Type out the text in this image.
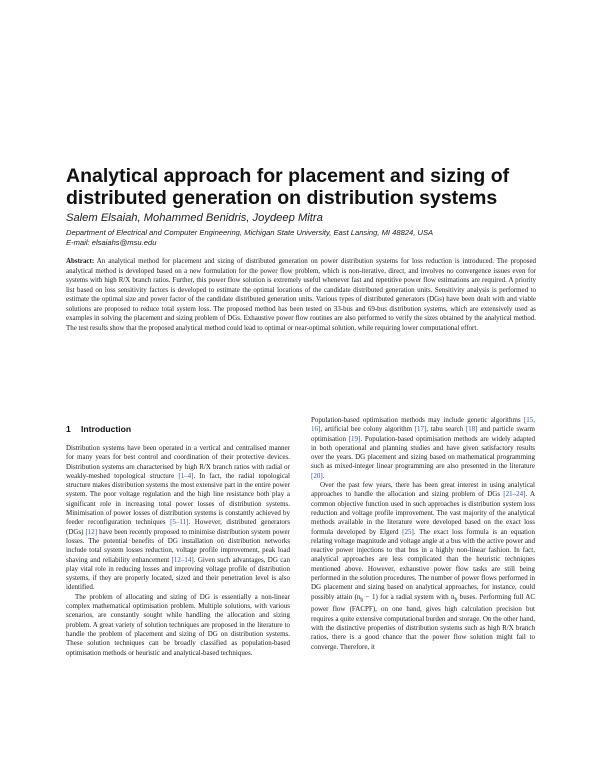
Analytical approach for placement and sizing of distributed generation on distribution systems
Salem Elsaiah, Mohammed Benidris, Joydeep Mitra
Department of Electrical and Computer Engineering, Michigan State University, East Lansing, MI 48824, USA
E-mail: elsaiahs@msu.edu

Abstract: An analytical method for placement and sizing of distributed generation on power distribution systems for loss reduction is introduced. The proposed analytical method is developed based on a new formulation for the power flow problem, which is non-iterative, direct, and involves no convergence issues even for systems with high R/X branch ratios. Further, this power flow solution is extremely useful whenever fast and repetitive power flow estimations are required. A priority list based on loss sensitivity factors is developed to estimate the optimal locations of the candidate distributed generation units. Sensitivity analysis is performed to estimate the optimal size and power factor of the candidate distributed generation units. Various types of distributed generators (DGs) have been dealt with and viable solutions are proposed to reduce total system loss. The proposed method has been tested on 33-bus and 69-bus distribution systems, which are extensively used as examples in solving the placement and sizing problem of DGs. Exhaustive power flow routines are also performed to verify the sizes obtained by the analytical method. The test results show that the proposed analytical method could lead to optimal or near-optimal solution, while requiring lower computational effort.

1 Introduction

Distribution systems have been operated in a vertical and centralised manner for many years for best control and coordination of their protective devices. Distribution systems are characterised by high R/X branch ratios with radial or weakly-meshed topological structure [1–4]. In fact, the radial topological structure makes distribution systems the most extensive part in the entire power system. The poor voltage regulation and the high line resistance both play a significant role in increasing total power losses of distribution systems. Minimisation of power losses of distribution systems is constantly achieved by feeder reconfiguration techniques [5–11]. However, distributed generators (DGs) [12] have been recently proposed to minimise distribution system power losses. The potential benefits of DG installation on distribution networks include total system losses reduction, voltage profile improvement, peak load shaving and reliability enhancement [12–14]. Given such advantages, DG can play vital role in reducing losses and improving voltage profile of distribution systems, if they are properly located, sized and their penetration level is also identified.

The problem of allocating and sizing of DG is essentially a non-linear complex mathematical optimisation problem. Multiple solutions, with various scenarios, are constantly sought while handling the allocation and sizing problem. A great variety of solution techniques are proposed in the literature to handle the problem of placement and sizing of DG on distribution systems. These solution techniques can be broadly classified as population-based optimisation methods or heuristic and analytical-based techniques.

Population-based optimisation methods may include genetic algorithms [15, 16], artificial bee colony algorithm [17], tabu search [18] and particle swarm optimisation [19]. Population-based optimisation methods are widely adapted in both operational and planning studies and have given satisfactory results over the years. DG placement and sizing based on mathematical programming such as mixed-integer linear programming are also presented in the literature [20].

Over the past few years, there has been great interest in using analytical approaches to handle the allocation and sizing problem of DGs [21–24]. A common objective function used in such approaches is distribution system loss reduction and voltage profile improvement. The vast majority of the analytical methods available in the literature were developed based on the exact loss formula developed by Elgerd [25]. The exact loss formula is an equation relating voltage magnitude and voltage angle at a bus with the active power and reactive power injections to that bus in a highly non-linear fashion. In fact, analytical approaches are less complicated than the heuristic techniques mentioned above. However, exhaustive power flow tasks are still being performed in the solution procedures. The number of power flows performed in DG placement and sizing based on analytical approaches, for instance, could possibly attain $(n_b - 1)$ for a radial system with $n_b$ buses. Performing full AC power flow (FACPF), on one hand, gives high calculation precision but requires a quite extensive computational burden and storage. On the other hand, with the distinctive properties of distribution systems such as high R/X branch ratios, there is a good chance that the power flow solution might fail to converge. Therefore, it
